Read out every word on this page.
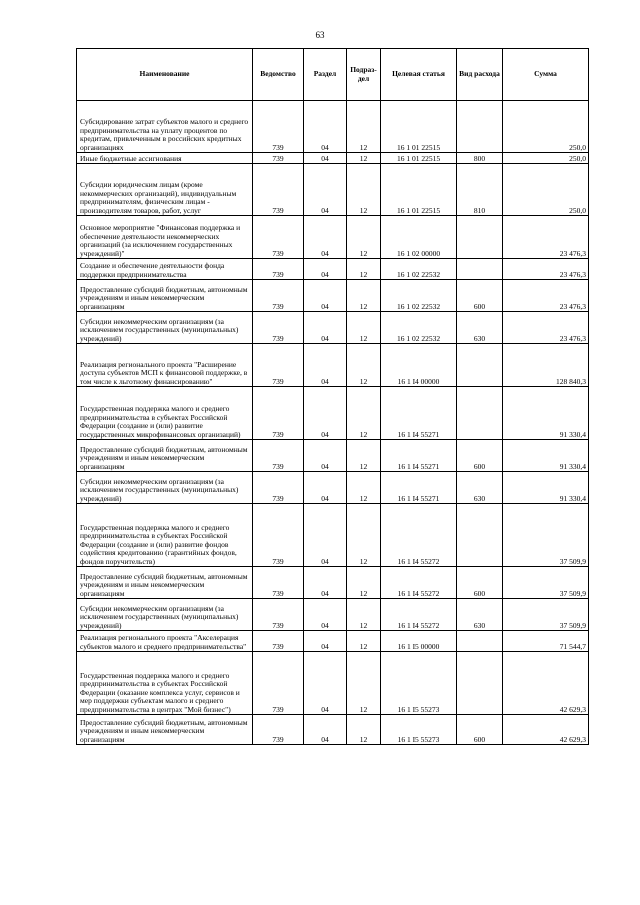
63
Наименование	Ведомство	Раздел	Подраз-дел	Целевая статья	Вид расхода	Сумма
Субсидирование затрат субъектов малого и среднего предпринимательства на уплату процентов по кредитам, привлеченным в российских кредитных организациях	739	04	12	16 1 01 22515		250,0
Иные бюджетные ассигнования	739	04	12	16 1 01 22515	800	250,0
Субсидии юридическим лицам (кроме некоммерческих организаций), индивидуальным предпринимателям, физическим лицам - производителям товаров, работ, услуг	739	04	12	16 1 01 22515	810	250,0
Основное мероприятие "Финансовая поддержка и обеспечение деятельности некоммерческих организаций (за исключением государственных учреждений)"	739	04	12	16 1 02 00000		23 476,3
Создание и обеспечение деятельности фонда поддержки предпринимательства	739	04	12	16 1 02 22532		23 476,3
Предоставление субсидий бюджетным, автономным учреждениям и иным некоммерческим организациям	739	04	12	16 1 02 22532	600	23 476,3
Субсидии некоммерческим организациям (за исключением государственных (муниципальных) учреждений)	739	04	12	16 1 02 22532	630	23 476,3
Реализация регионального проекта "Расширение доступа субъектов МСП к финансовой поддержке, в том числе к льготному финансированию"	739	04	12	16 1 I4 00000		128 840,3
Государственная поддержка малого и среднего предпринимательства в субъектах Российской Федерации (создание и (или) развитие государственных микрофинансовых организаций)	739	04	12	16 1 I4 55271		91 330,4
Предоставление субсидий бюджетным, автономным учреждениям и иным некоммерческим организациям	739	04	12	16 1 I4 55271	600	91 330,4
Субсидии некоммерческим организациям (за исключением государственных (муниципальных) учреждений)	739	04	12	16 1 I4 55271	630	91 330,4
Государственная поддержка малого и среднего предпринимательства в субъектах Российской Федерации (создание и (или) развитие фондов содействия кредитованию (гарантийных фондов, фондов поручительств)	739	04	12	16 1 I4 55272		37 509,9
Предоставление субсидий бюджетным, автономным учреждениям и иным некоммерческим организациям	739	04	12	16 1 I4 55272	600	37 509,9
Субсидии некоммерческим организациям (за исключением государственных (муниципальных) учреждений)	739	04	12	16 1 I4 55272	630	37 509,9
Реализация регионального проекта "Акселерация субъектов малого и среднего предпринимательства"	739	04	12	16 1 I5 00000		71 544,7
Государственная поддержка малого и среднего предпринимательства в субъектах Российской Федерации (оказание комплекса услуг, сервисов и мер поддержки субъектам малого и среднего предпринимательства в центрах "Мой бизнес")	739	04	12	16 1 I5 55273		42 629,3
Предоставление субсидий бюджетным, автономным учреждениям и иным некоммерческим организациям	739	04	12	16 1 I5 55273	600	42 629,3
